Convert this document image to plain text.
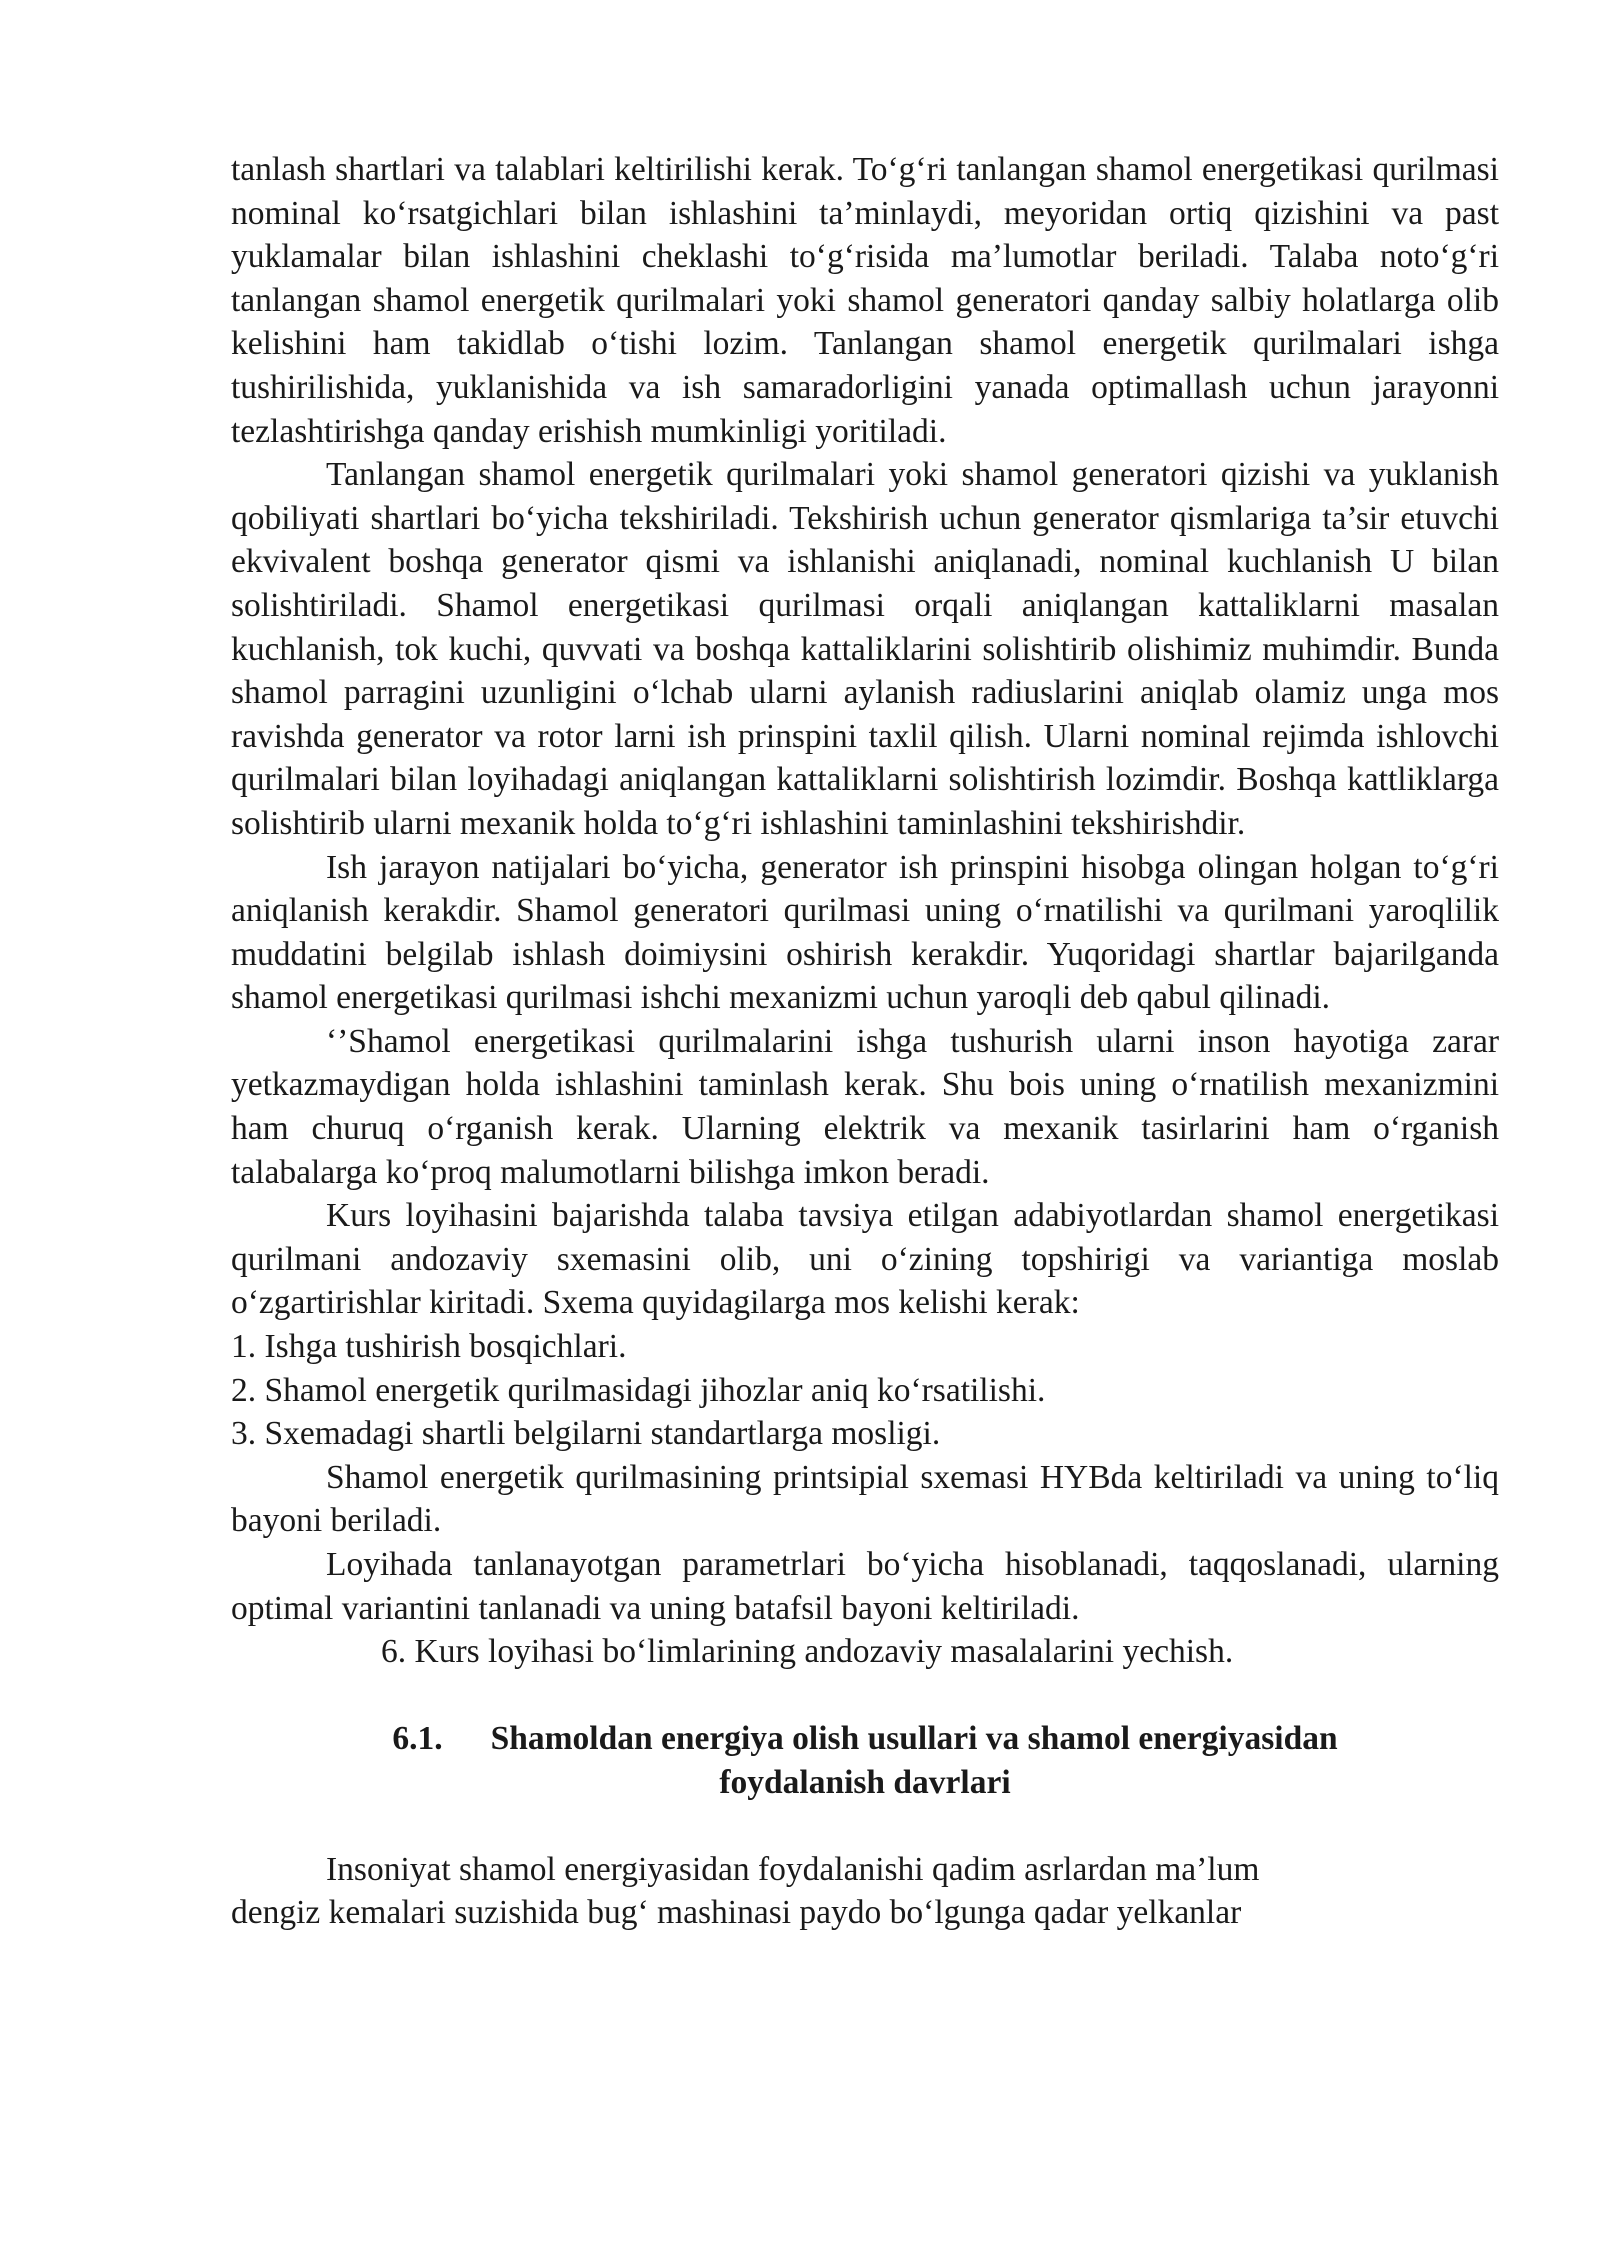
tanlash shartlari va talablari keltirilishi kerak. To‘g‘ri tanlangan shamol energetikasi qurilmasi nominal ko‘rsatgichlari bilan ishlashini ta’minlaydi, meyoridan ortiq qizishini va past yuklamalar bilan ishlashini cheklashi to‘g‘risida ma’lumotlar beriladi. Talaba noto‘g‘ri tanlangan shamol energetik qurilmalari yoki shamol generatori qanday salbiy holatlarga olib kelishini ham takidlab o‘tishi lozim. Tanlangan shamol energetik qurilmalari ishga tushirilishida, yuklanishida va ish samaradorligini yanada optimallash uchun jarayonni tezlashtirishga qanday erishish mumkinligi yoritiladi.

Tanlangan shamol energetik qurilmalari yoki shamol generatori qizishi va yuklanish qobiliyati shartlari bo‘yicha tekshiriladi. Tekshirish uchun generator qismlariga ta’sir etuvchi ekvivalent boshqa generator qismi va ishlanishi aniqlanadi, nominal kuchlanish U bilan solishtiriladi. Shamol energetikasi qurilmasi orqali aniqlangan kattaliklarni masalan kuchlanish, tok kuchi, quvvati va boshqa kattaliklarini solishtirib olishimiz muhimdir. Bunda shamol parragini uzunligini o‘lchab ularni aylanish radiuslarini aniqlab olamiz unga mos ravishda generator va rotor larni ish prinspini taxlil qilish. Ularni nominal rejimda ishlovchi qurilmalari bilan loyihadagi aniqlangan kattaliklarni solishtirish lozimdir. Boshqa kattliklarga solishtirib ularni mexanik holda to‘g‘ri ishlashini taminlashini tekshirishdir.

Ish jarayon natijalari bo‘yicha, generator ish prinspini hisobga olingan holgan to‘g‘ri aniqlanish kerakdir. Shamol generatori qurilmasi uning o‘rnatilishi va qurilmani yaroqlilik muddatini belgilab ishlash doimiysini oshirish kerakdir. Yuqoridagi shartlar bajarilganda shamol energetikasi qurilmasi ishchi mexanizmi uchun yaroqli deb qabul qilinadi.

‘’Shamol energetikasi qurilmalarini ishga tushurish ularni inson hayotiga zarar yetkazmaydigan holda ishlashini taminlash kerak. Shu bois uning o‘rnatilish mexanizmini ham churuq o‘rganish kerak. Ularning elektrik va mexanik tasirlarini ham o‘rganish talabalarga ko‘proq malumotlarni bilishga imkon beradi.

Kurs loyihasini bajarishda talaba tavsiya etilgan adabiyotlardan shamol energetikasi qurilmani andozaviy sxemasini olib, uni o‘zining topshirigi va variantiga moslab o‘zgartirishlar kiritadi. Sxema quyidagilarga mos kelishi kerak:

1. Ishga tushirish bosqichlari.

2. Shamol energetik qurilmasidagi jihozlar aniq ko‘rsatilishi.

3. Sxemadagi shartli belgilarni standartlarga mosligi.

Shamol energetik qurilmasining printsipial sxemasi HYBda keltiriladi va uning to‘liq bayoni beriladi.

Loyihada tanlanayotgan parametrlari bo‘yicha hisoblanadi, taqqoslanadi, ularning optimal variantini tanlanadi va uning batafsil bayoni keltiriladi.

6. Kurs loyihasi bo‘limlarining andozaviy masalalarini yechish.

6.1. Shamoldan energiya olish usullari va shamol energiyasidan
foydalanish davrlari

Insoniyat shamol energiyasidan foydalanishi qadim asrlardan ma’lum

dengiz kemalari suzishida bug‘ mashinasi paydo bo‘lgunga qadar yelkanlar
